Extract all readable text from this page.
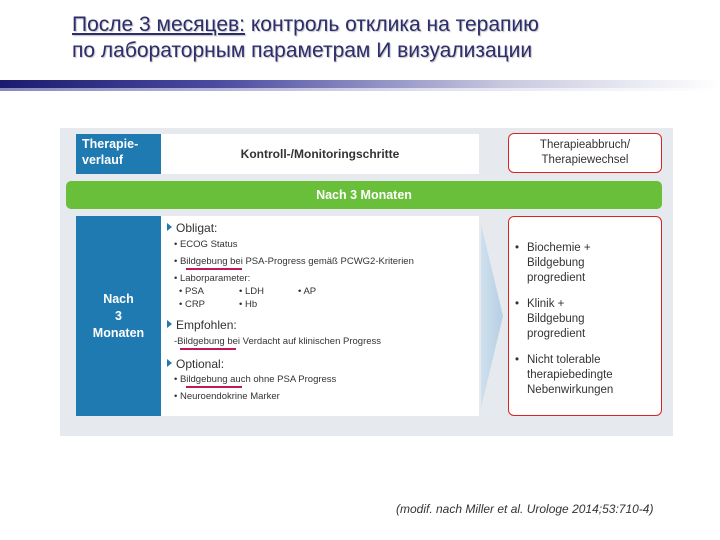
После 3 месяцев: контроль отклика на терапию
по лабораторным параметрам И визуализации
Therapie-
verlauf	Kontroll-/Monitoringschritte
Therapieabbruch/
Therapiewechsel
Nach 3 Monaten
Nach
3
Monaten
Obligat:
• ECOG Status
• Bildgebung bei PSA-Progress gemäß PCWG2-Kriterien
• Laborparameter:
• PSA	• LDH	• AP
• CRP	• Hb
Empfohlen:
-Bildgebung bei Verdacht auf klinischen Progress
Optional:
• Bildgebung auch ohne PSA Progress
• Neuroendokrine Marker
• Biochemie +
Bildgebung
progredient
• Klinik +
Bildgebung
progredient
• Nicht tolerable
therapiebedingte
Nebenwirkungen
(modif. nach Miller et al. Urologe 2014;53:710-4)
